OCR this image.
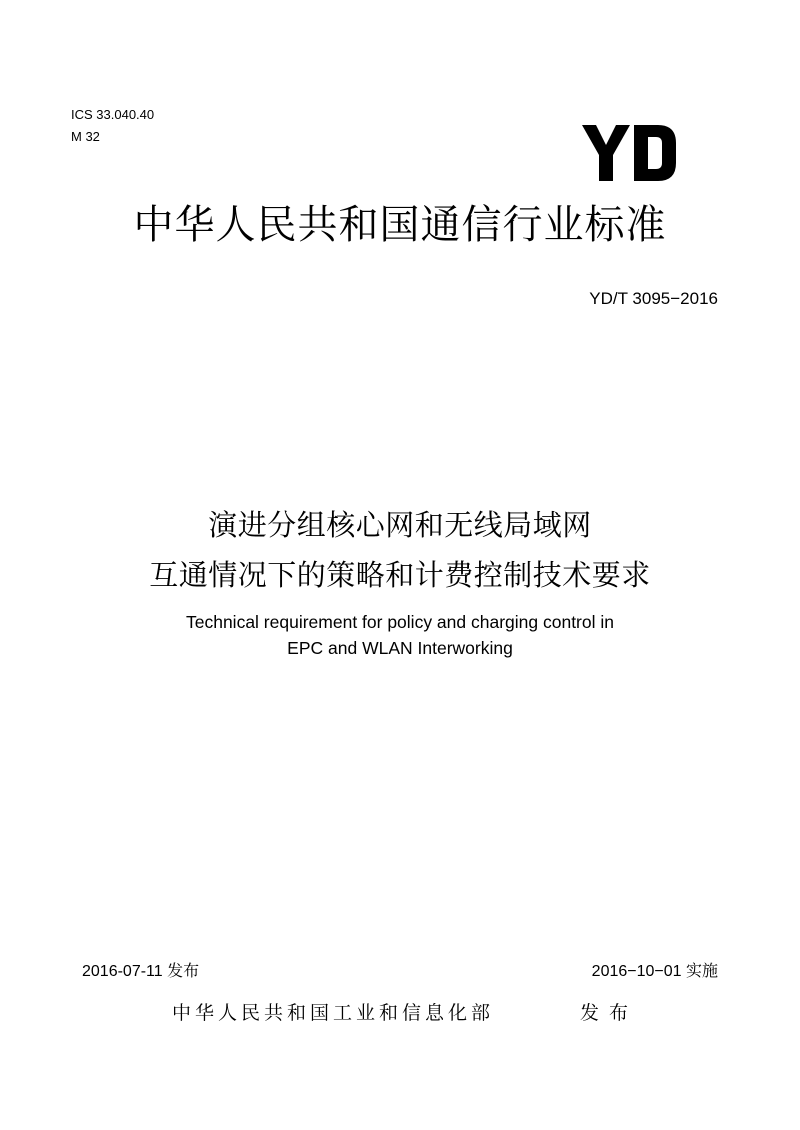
ICS 33.040.40
M 32
中华人民共和国通信行业标准
YD/T 3095−2016
演进分组核心网和无线局域网
互通情况下的策略和计费控制技术要求
Technical requirement for policy and charging control in
EPC and WLAN Interworking
2016-07-11 发布	2016−10−01 实施
中华人民共和国工业和信息化部	发布
